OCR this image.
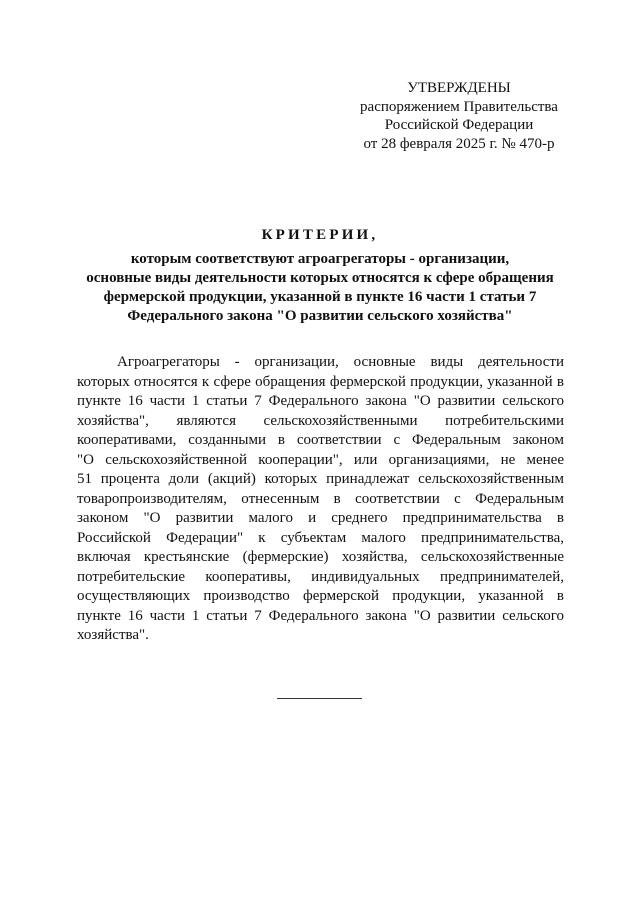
УТВЕРЖДЕНЫ
распоряжением Правительства
Российской Федерации
от 28 февраля 2025 г. № 470-р
КРИТЕРИИ,
которым соответствуют агроагрегаторы - организации,
основные виды деятельности которых относятся к сфере обращения
фермерской продукции, указанной в пункте 16 части 1 статьи 7
Федерального закона "О развитии сельского хозяйства"
Агроагрегаторы - организации, основные виды деятельности
которых относятся к сфере обращения фермерской продукции, указанной в
пункте 16 части 1 статьи 7 Федерального закона "О развитии сельского
хозяйства", являются сельскохозяйственными потребительскими
кооперативами, созданными в соответствии с Федеральным законом
"О сельскохозяйственной кооперации", или организациями, не менее
51 процента доли (акций) которых принадлежат сельскохозяйственным
товаропроизводителям, отнесенным в соответствии с Федеральным
законом "О развитии малого и среднего предпринимательства в
Российской Федерации" к субъектам малого предпринимательства,
включая крестьянские (фермерские) хозяйства, сельскохозяйственные
потребительские кооперативы, индивидуальных предпринимателей,
осуществляющих производство фермерской продукции, указанной в
пункте 16 части 1 статьи 7 Федерального закона "О развитии сельского
хозяйства".
